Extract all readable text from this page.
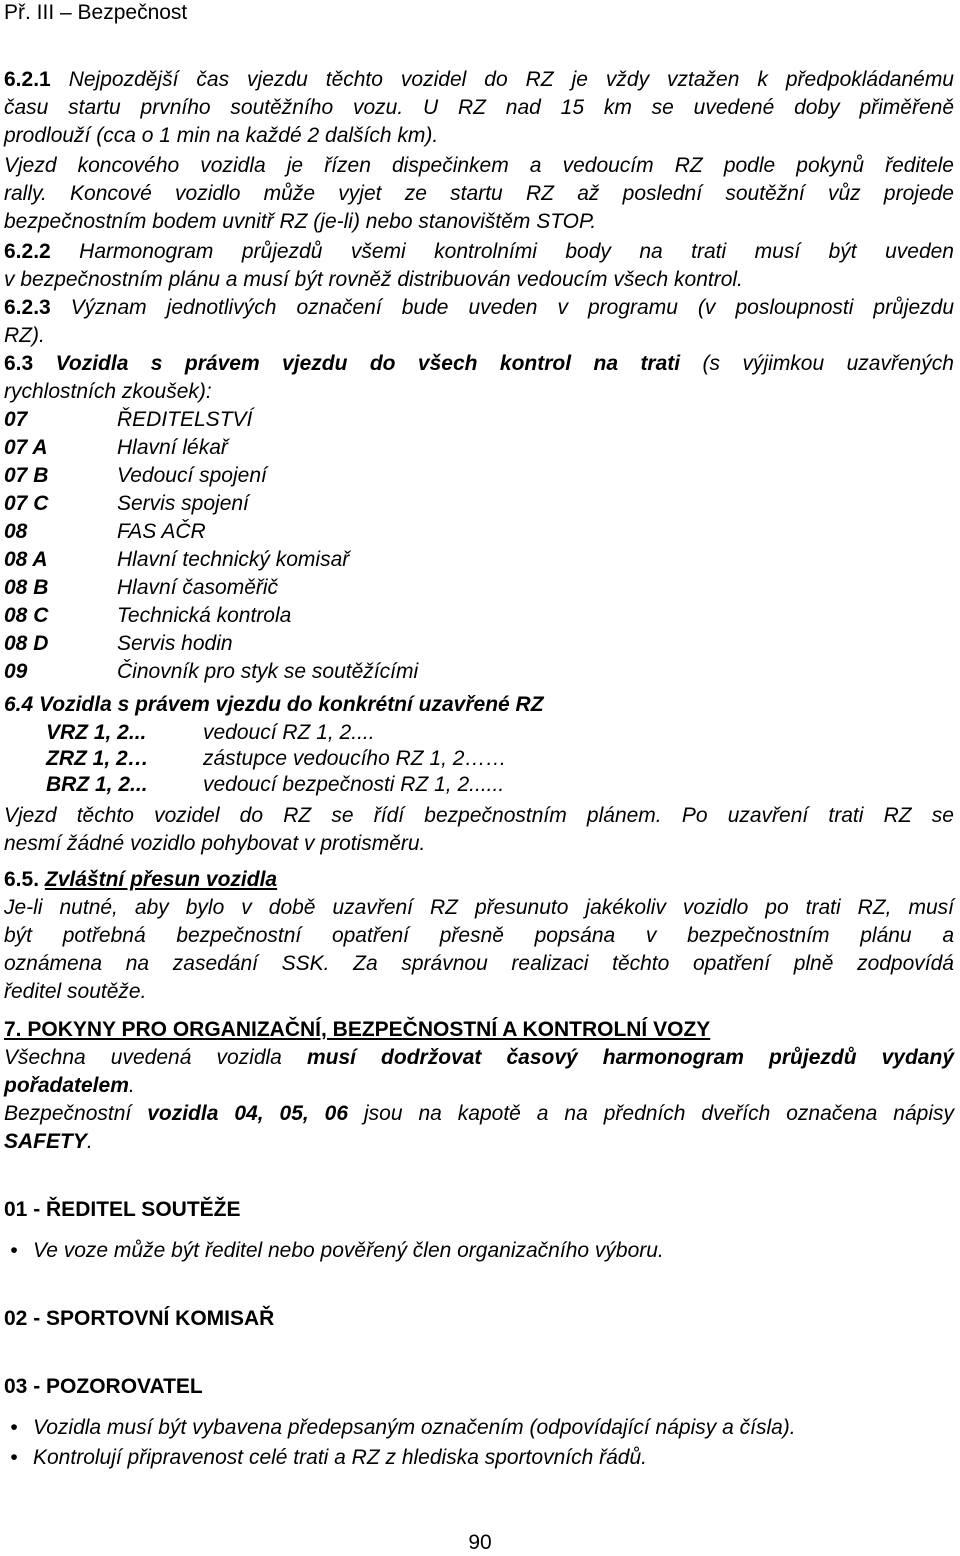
Př. III – Bezpečnost
6.2.1 Nejpozdější čas vjezdu těchto vozidel do RZ je vždy vztažen k předpokládanému
času startu prvního soutěžního vozu. U RZ nad 15 km se uvedené doby přiměřeně
prodlouží (cca o 1 min na každé 2 dalších km).
Vjezd koncového vozidla je řízen dispečinkem a vedoucím RZ podle pokynů ředitele
rally. Koncové vozidlo může vyjet ze startu RZ až poslední soutěžní vůz projede
bezpečnostním bodem uvnitř RZ (je-li) nebo stanovištěm STOP.
6.2.2 Harmonogram průjezdů všemi kontrolními body na trati musí být uveden
v bezpečnostním plánu a musí být rovněž distribuován vedoucím všech kontrol.
6.2.3 Význam jednotlivých označení bude uveden v programu (v posloupnosti průjezdu
RZ).
6.3 Vozidla s právem vjezdu do všech kontrol na trati (s výjimkou uzavřených
rychlostních zkoušek):
07	ŘEDITELSTVÍ
07 A	Hlavní lékař
07 B	Vedoucí spojení
07 C	Servis spojení
08	FAS AČR
08 A	Hlavní technický komisař
08 B	Hlavní časoměřič
08 C	Technická kontrola
08 D	Servis hodin
09	Činovník pro styk se soutěžícími
6.4 Vozidla s právem vjezdu do konkrétní uzavřené RZ
VRZ 1, 2...	vedoucí RZ 1, 2....
ZRZ 1, 2…	zástupce vedoucího RZ 1, 2……
BRZ 1, 2...	vedoucí bezpečnosti RZ 1, 2......
Vjezd těchto vozidel do RZ se řídí bezpečnostním plánem. Po uzavření trati RZ se
nesmí žádné vozidlo pohybovat v protisměru.
6.5. Zvláštní přesun vozidla
Je-li nutné, aby bylo v době uzavření RZ přesunuto jakékoliv vozidlo po trati RZ, musí
být potřebná bezpečnostní opatření přesně popsána v bezpečnostním plánu a
oznámena na zasedání SSK. Za správnou realizaci těchto opatření plně zodpovídá
ředitel soutěže.
7. POKYNY PRO ORGANIZAČNÍ, BEZPEČNOSTNÍ A KONTROLNÍ VOZY
Všechna uvedená vozidla musí dodržovat časový harmonogram průjezdů vydaný
pořadatelem.
Bezpečnostní vozidla 04, 05, 06 jsou na kapotě a na předních dveřích označena nápisy
SAFETY.
01 - ŘEDITEL SOUTĚŽE
• Ve voze může být ředitel nebo pověřený člen organizačního výboru.
02 - SPORTOVNÍ KOMISAŘ
03 - POZOROVATEL
• Vozidla musí být vybavena předepsaným označením (odpovídající nápisy a čísla).
• Kontrolují připravenost celé trati a RZ z hlediska sportovních řádů.
90
